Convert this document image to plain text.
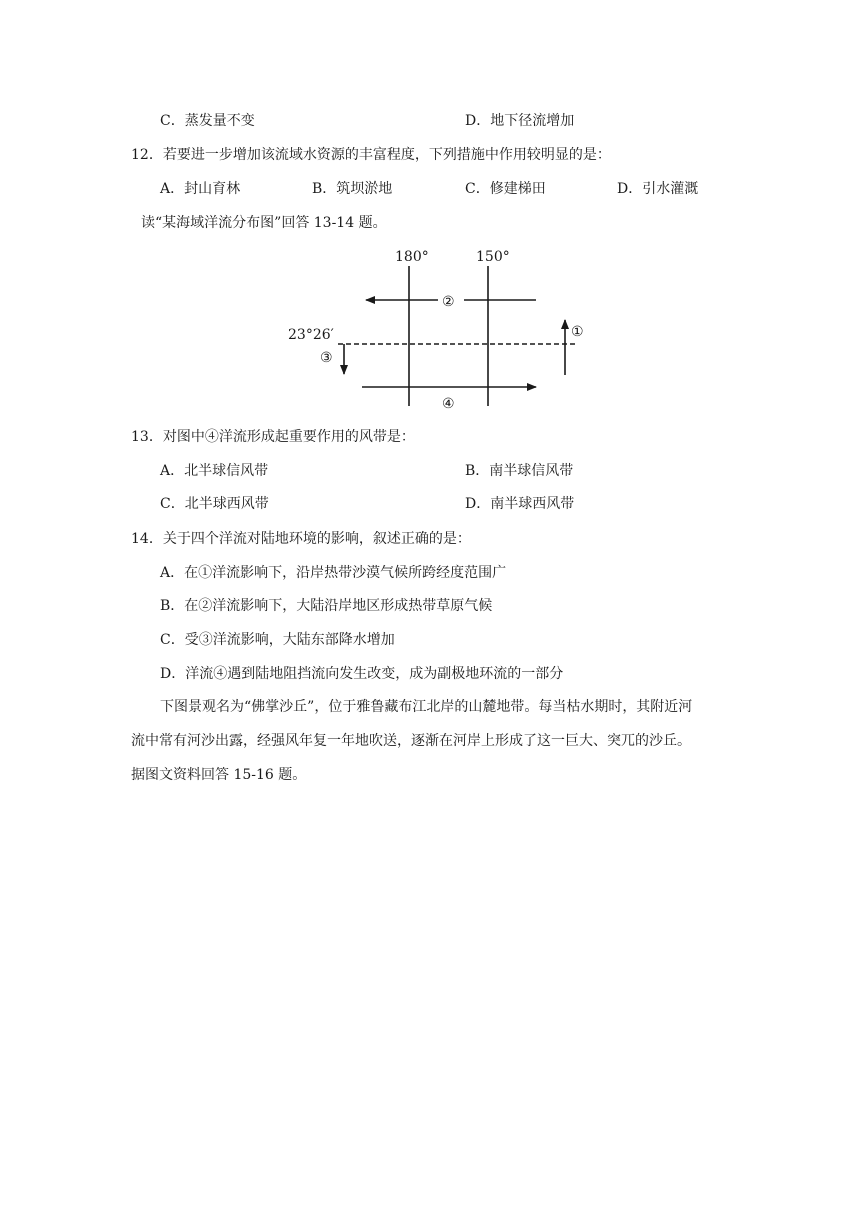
C．蒸发量不变	D．地下径流增加
12．若要进一步增加该流域水资源的丰富程度，下列措施中作用较明显的是：
A．封山育林	B．筑坝淤地	C．修建梯田	D．引水灌溉
读“某海域洋流分布图”回答 13-14 题。
180°	150°
23°26′
②
①
③
④
13．对图中④洋流形成起重要作用的风带是：
A．北半球信风带	B．南半球信风带
C．北半球西风带	D．南半球西风带
14．关于四个洋流对陆地环境的影响，叙述正确的是：
A．在①洋流影响下，沿岸热带沙漠气候所跨经度范围广
B．在②洋流影响下，大陆沿岸地区形成热带草原气候
C．受③洋流影响，大陆东部降水增加
D．洋流④遇到陆地阻挡流向发生改变，成为副极地环流的一部分
下图景观名为“佛掌沙丘”，位于雅鲁藏布江北岸的山麓地带。每当枯水期时，其附近河
流中常有河沙出露，经强风年复一年地吹送，逐渐在河岸上形成了这一巨大、突兀的沙丘。
据图文资料回答 15-16 题。
